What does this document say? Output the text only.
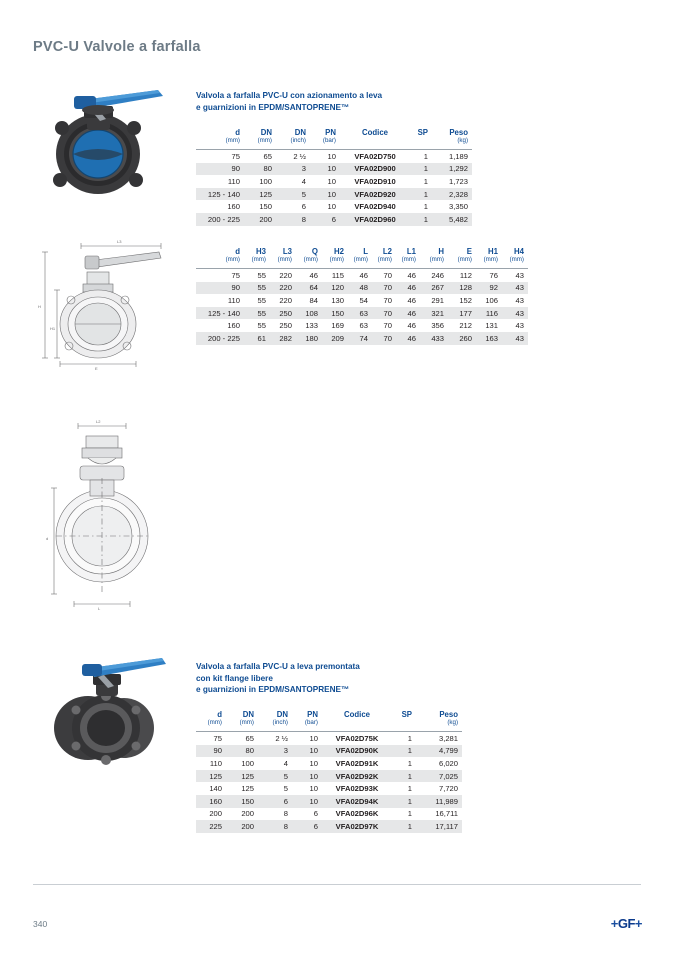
PVC-U Valvole a farfalla
Valvola a farfalla PVC-U con azionamento a leva
e guarnizioni in EPDM/SANTOPRENE™
d	DN	DN	PN	Codice	SP	Peso
(mm)	(mm)	(inch)	(bar)			(kg)
75	65	2 ½	10	VFA02D750	1	1,189
90	80	3	10	VFA02D900	1	1,292
110	100	4	10	VFA02D910	1	1,723
125 - 140	125	5	10	VFA02D920	1	2,328
160	150	6	10	VFA02D940	1	3,350
200 - 225	200	8	6	VFA02D960	1	5,482
L3
H
H1
E
d	H3	L3	Q	H2	L	L2	L1	H	E	H1	H4
(mm)	(mm)	(mm)	(mm)	(mm)	(mm)	(mm)	(mm)	(mm)	(mm)	(mm)	(mm)
75	55	220	46	115	46	70	46	246	112	76	43
90	55	220	64	120	48	70	46	267	128	92	43
110	55	220	84	130	54	70	46	291	152	106	43
125 - 140	55	250	108	150	63	70	46	321	177	116	43
160	55	250	133	169	63	70	46	356	212	131	43
200 - 225	61	282	180	209	74	70	46	433	260	163	43
L2
d
L
Valvola a farfalla PVC-U a leva premontata
con kit flange libere
e guarnizioni in EPDM/SANTOPRENE™
d	DN	DN	PN	Codice	SP	Peso
(mm)	(mm)	(inch)	(bar)			(kg)
75	65	2 ½	10	VFA02D75K	1	3,281
90	80	3	10	VFA02D90K	1	4,799
110	100	4	10	VFA02D91K	1	6,020
125	125	5	10	VFA02D92K	1	7,025
140	125	5	10	VFA02D93K	1	7,720
160	150	6	10	VFA02D94K	1	11,989
200	200	8	6	VFA02D96K	1	16,711
225	200	8	6	VFA02D97K	1	17,117
340	+GF+
